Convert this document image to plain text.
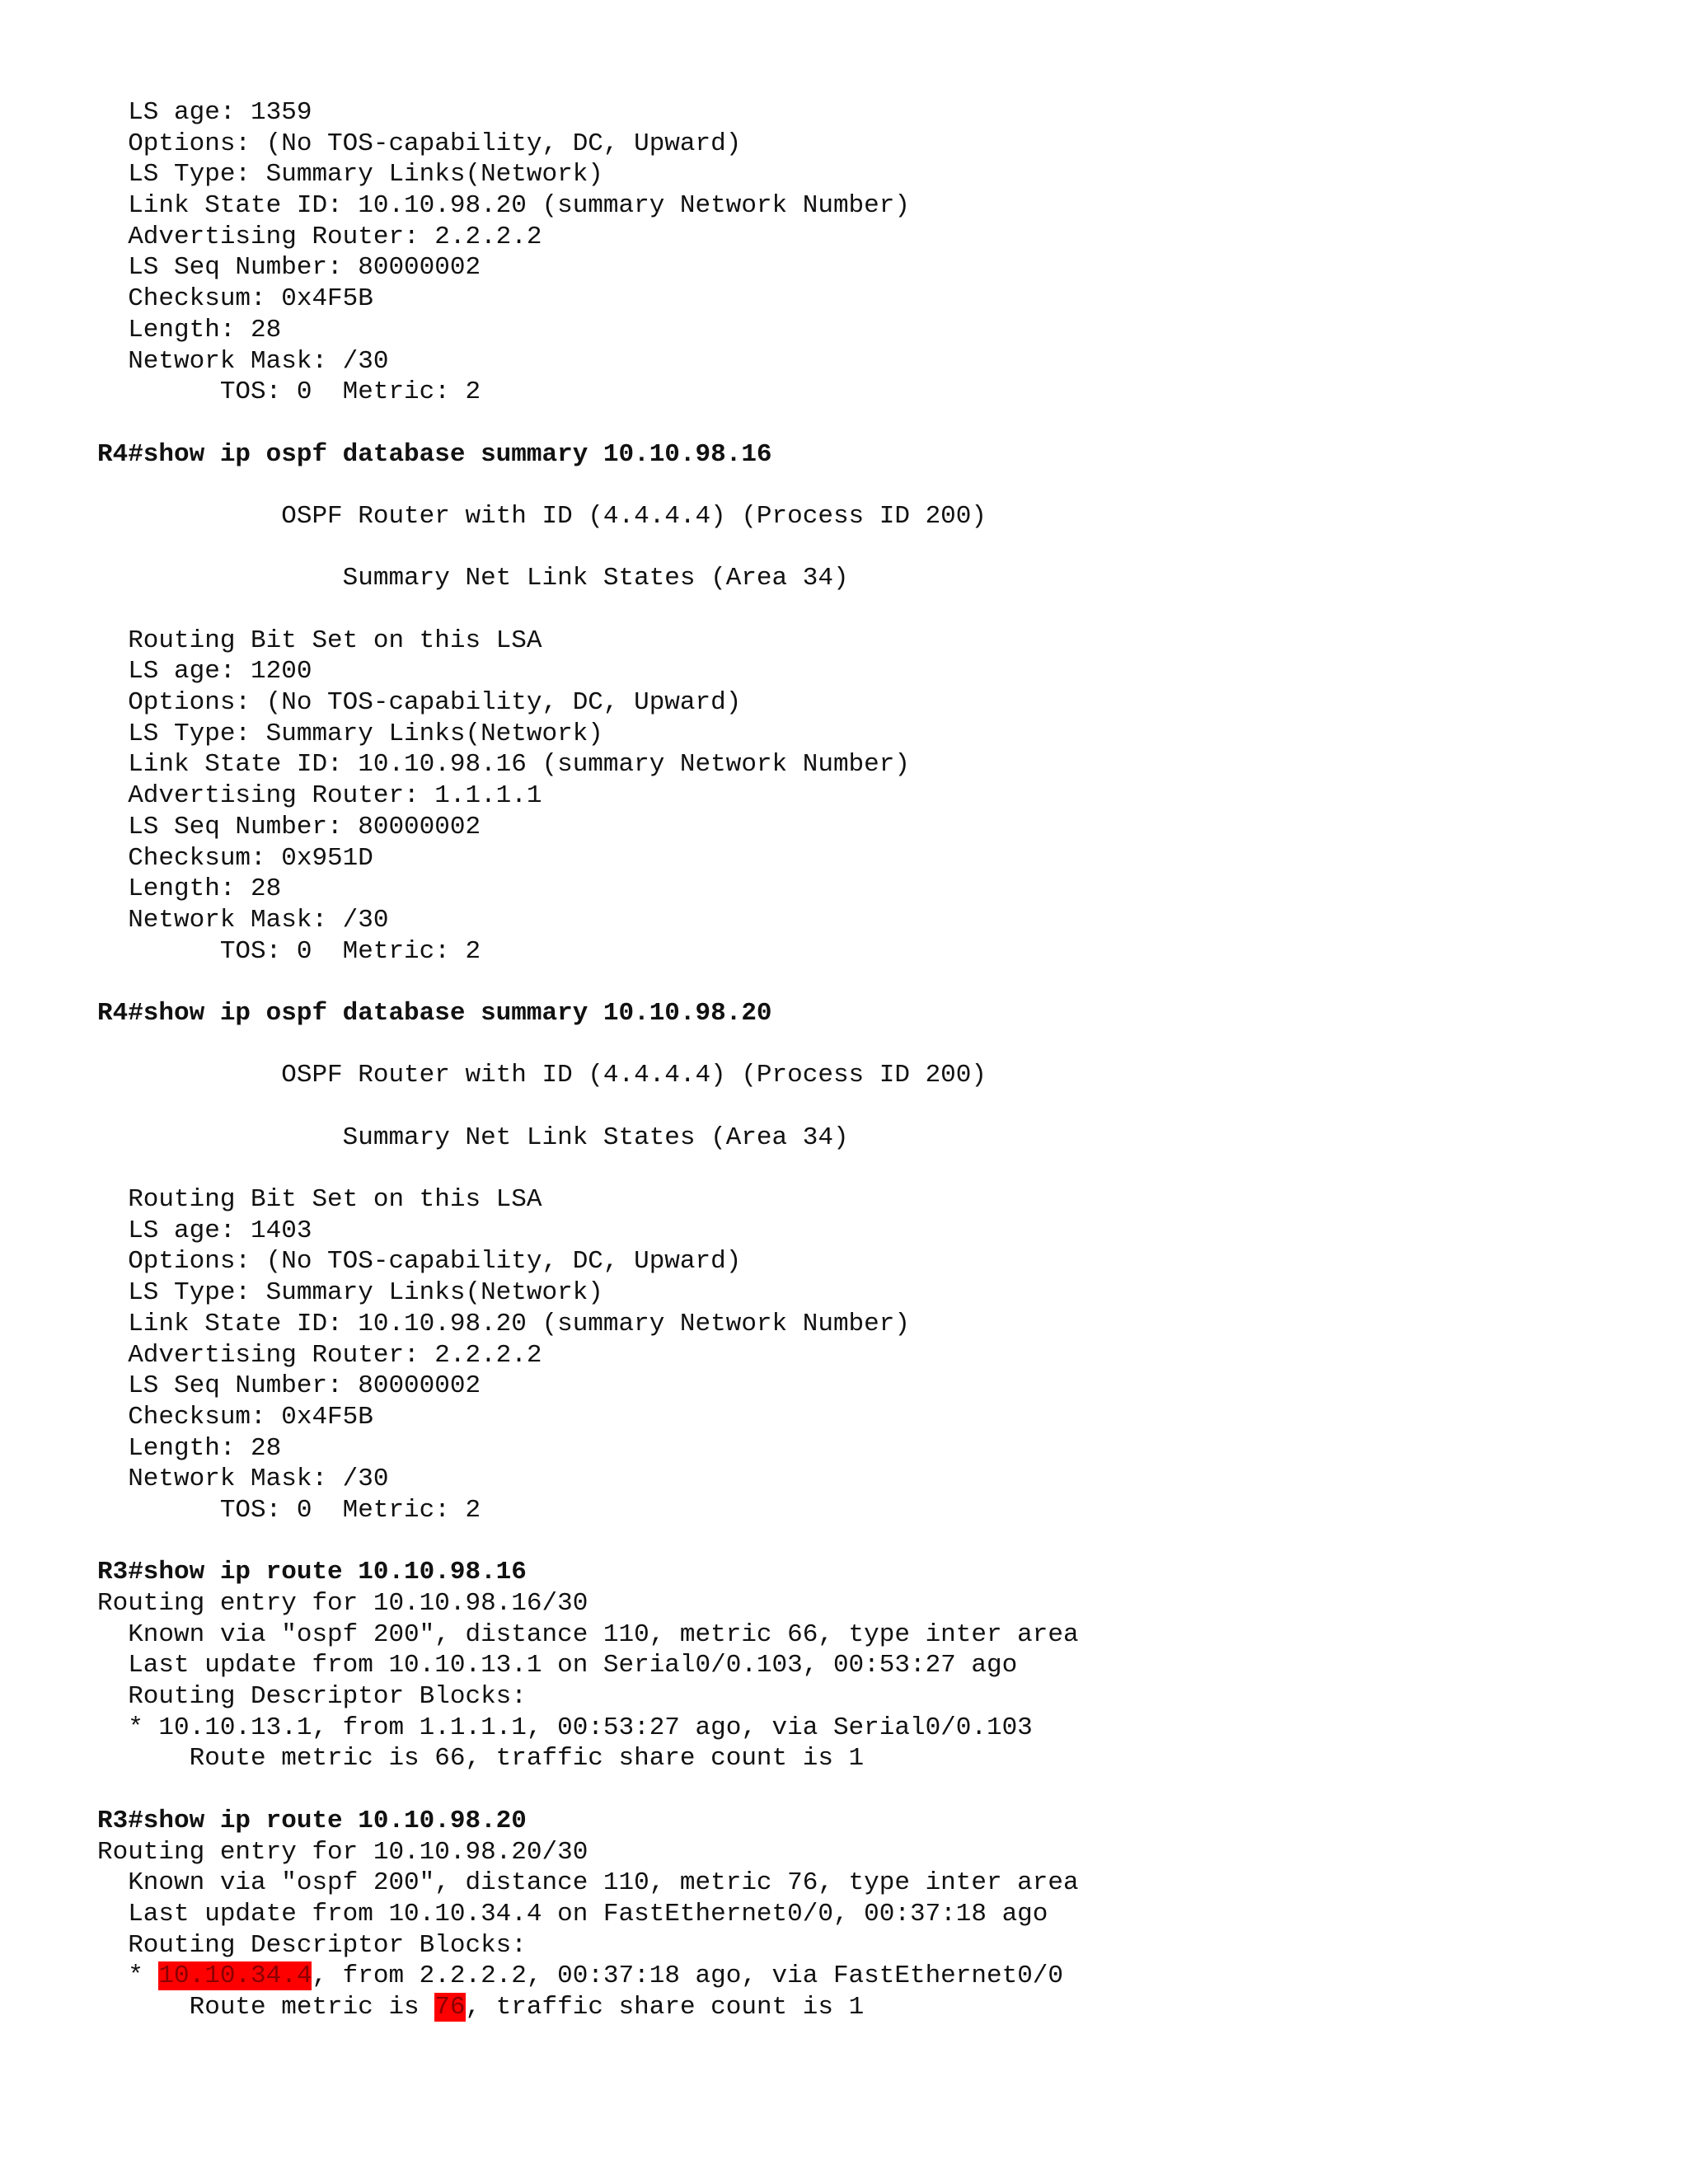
LS age: 1359
Options: (No TOS-capability, DC, Upward)
LS Type: Summary Links(Network)
Link State ID: 10.10.98.20 (summary Network Number)
Advertising Router: 2.2.2.2
LS Seq Number: 80000002
Checksum: 0x4F5B
Length: 28
Network Mask: /30
TOS: 0  Metric: 2
R4#show ip ospf database summary 10.10.98.16
OSPF Router with ID (4.4.4.4) (Process ID 200)
Summary Net Link States (Area 34)
Routing Bit Set on this LSA
LS age: 1200
Options: (No TOS-capability, DC, Upward)
LS Type: Summary Links(Network)
Link State ID: 10.10.98.16 (summary Network Number)
Advertising Router: 1.1.1.1
LS Seq Number: 80000002
Checksum: 0x951D
Length: 28
Network Mask: /30
TOS: 0  Metric: 2
R4#show ip ospf database summary 10.10.98.20
OSPF Router with ID (4.4.4.4) (Process ID 200)
Summary Net Link States (Area 34)
Routing Bit Set on this LSA
LS age: 1403
Options: (No TOS-capability, DC, Upward)
LS Type: Summary Links(Network)
Link State ID: 10.10.98.20 (summary Network Number)
Advertising Router: 2.2.2.2
LS Seq Number: 80000002
Checksum: 0x4F5B
Length: 28
Network Mask: /30
TOS: 0  Metric: 2
R3#show ip route 10.10.98.16
Routing entry for 10.10.98.16/30
Known via "ospf 200", distance 110, metric 66, type inter area
Last update from 10.10.13.1 on Serial0/0.103, 00:53:27 ago
Routing Descriptor Blocks:
* 10.10.13.1, from 1.1.1.1, 00:53:27 ago, via Serial0/0.103
Route metric is 66, traffic share count is 1
R3#show ip route 10.10.98.20
Routing entry for 10.10.98.20/30
Known via "ospf 200", distance 110, metric 76, type inter area
Last update from 10.10.34.4 on FastEthernet0/0, 00:37:18 ago
Routing Descriptor Blocks:
* 10.10.34.4, from 2.2.2.2, 00:37:18 ago, via FastEthernet0/0
Route metric is 76, traffic share count is 1
